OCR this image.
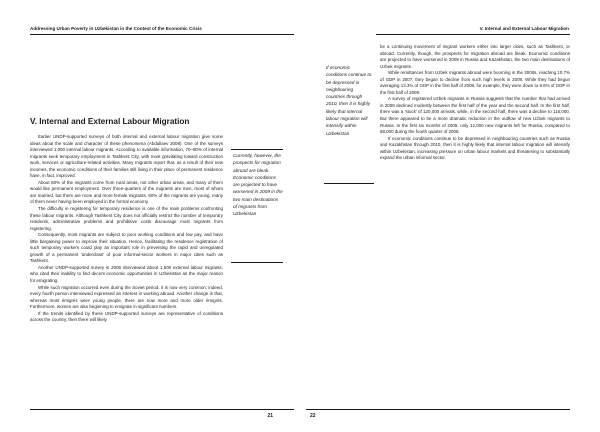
Addressing Urban Poverty in Uzbekistan in the Context of the Economic Crisis
V. Internal and External Labour Migration

Earlier UNDP-supported surveys of both internal and external labour migration give some ideas about the scale and character of these phenomena (Abdullaev 2008). One of the surveys interviewed 1,000 internal labour migrants. According to available information, 70–80% of internal migrants seek temporary employment in Tashkent City, with most gravitating toward construction work, services or agriculture-related activities. Many migrants report that, as a result of their new incomes, the economic conditions of their families still living in their place of permanent residence have, in fact, improved.

About 80% of the migrants come from rural areas, not other urban areas, and many of them would like permanent employment. Over three-quarters of the migrants are men, most of whom are married, but there are more and more female migrants. 60% of the migrants are young, many of them never having been employed in the formal economy.

The difficulty in registering for temporary residence is one of the main problems confronting these labour migrants. Although Tashkent City does not officially restrict the number of temporary residents, administrative problems and prohibitive costs discourage most migrants from registering.

Consequently, most migrants are subject to poor working conditions and low pay, and have little bargaining power to improve their situation. Hence, facilitating the residence registration of such temporary workers could play an important role in preventing the rapid and unregulated growth of a permanent 'underclass' of poor informal-sector workers in major cities such as Tashkent.

Another UNDP-supported survey in 2006 interviewed about 1,500 external labour migrants, who cited their inability to find decent economic opportunities in Uzbekistan as the major reason for emigrating.

While such migration occurred even during the Soviet period, it is now very common; indeed, every fourth person interviewed expressed an interest in working abroad. Another change is that, whereas most émigrés were young people, there are now more and more older émigrés. Furthermore, women are also beginning to emigrate in significant numbers.

If the trends identified by these UNDP-supported surveys are representative of conditions across the country, then there will likely

Currently, however, the prospects for migration abroad are bleak. Economic conditions are projected to have worsened in 2009 in the two main destinations of migrants from Uzbekistan
21
V. Internal and External Labour Migration
If economic conditions continue to be depressed in neighbouring countries through 2010, then it is highly likely that internal labour migration will intensify within Uzbekistan

be a continuing movement of migrant workers either into larger cities, such as Tashkent, or abroad. Currently, though, the prospects for migration abroad are bleak. Economic conditions are projected to have worsened in 2009 in Russia and Kazakhstan, the two main destinations of Uzbek migrants.

While remittances from Uzbek migrants abroad were booming in the 2000s, reaching 10.7% of GDP in 2007, they began to decline from such high levels in 2009. While they had begun averaging 13.3% of GDP in the first half of 2008, for example, they were down to 8.6% of GDP in the first half of 2009.

A survey of registered Uzbek migrants in Russia suggests that the number that had arrived in 2008 declined modestly between the first half of the year and the second half. In the first half, there was a 'stock' of 120,000 arrivals, while, in the second half, there was a decline to 116,000. But there appeared to be a more dramatic reduction in the outflow of new Uzbek migrants to Russia. In the first six months of 2009, only 12,000 new migrants left for Russia, compared to 68,000 during the fourth quarter of 2008.

If economic conditions continue to be depressed in neighbouring countries such as Russia and Kazakhstan through 2010, then it is highly likely that internal labour migration will intensify within Uzbekistan, increasing pressure on urban labour markets and threatening to substantially expand the urban informal sector.

22
